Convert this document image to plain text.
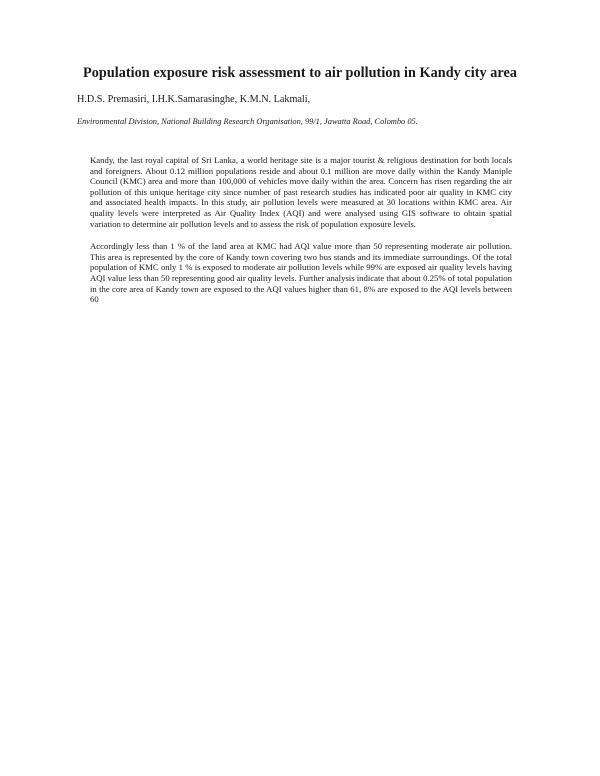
Population exposure risk assessment to air pollution in Kandy city area

H.D.S. Premasiri, I.H.K.Samarasinghe, K.M.N. Lakmali,

Environmental Division, National Building Research Organisation, 99/1, Jawatta Road, Colombo 05.

Kandy, the last royal capital of Sri Lanka, a world heritage site is a major tourist & religious destination for both locals and foreigners. About 0.12 million populations reside and about 0.1 million are move daily within the Kandy Maniple Council (KMC) area and more than 100,000 of vehicles move daily within the area. Concern has risen regarding the air pollution of this unique heritage city since number of past research studies has indicated poor air quality in KMC city and associated health impacts. In this study, air pollution levels were measured at 30 locations within KMC area. Air quality levels were interpreted as Air Quality Index (AQI) and were analysed using GIS software to obtain spatial variation to determine air pollution levels and to assess the risk of population exposure levels.

Accordingly less than 1 % of the land area at KMC had AQI value more than 50 representing moderate air pollution. This area is represented by the core of Kandy town covering two bus stands and its immediate surroundings. Of the total population of KMC only 1 % is exposed to moderate air pollution levels while 99% are exposed air quality levels having AQI value less than 50 representing good air quality levels. Further analysis indicate that about 0.25% of total population in the core area of Kandy town are exposed to the AQI values higher than 61, 8% are exposed to the AQI levels between 60
